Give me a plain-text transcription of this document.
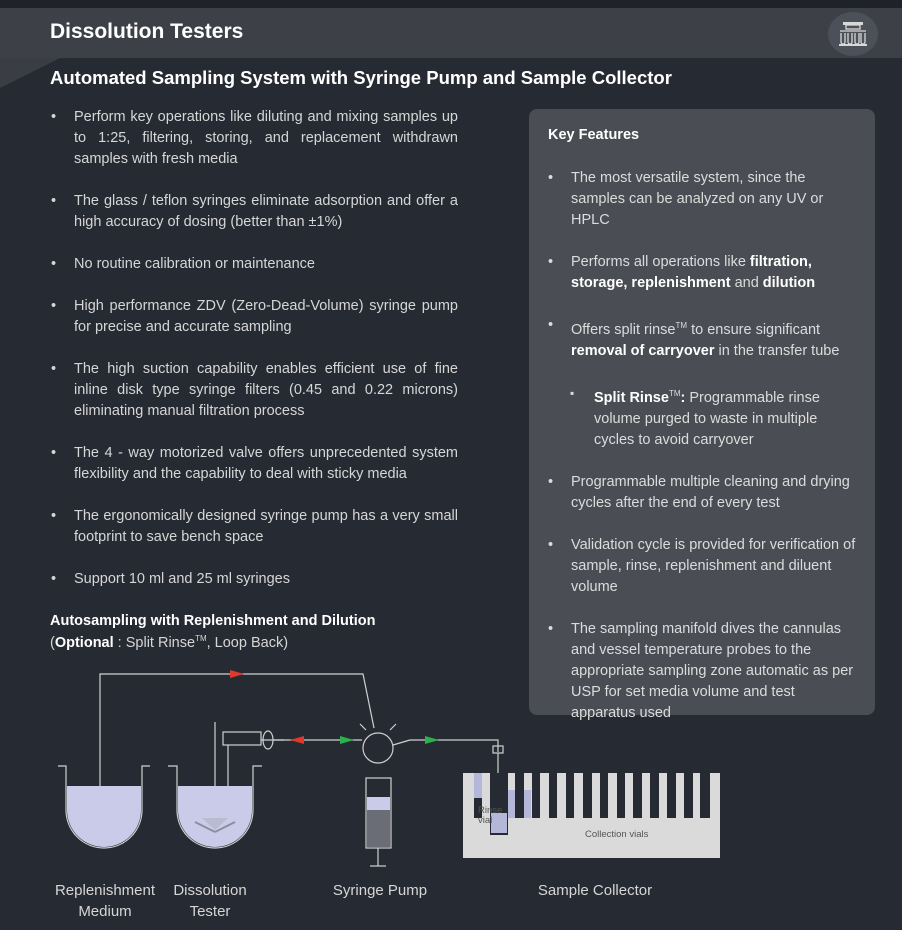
Dissolution Testers
Automated Sampling System with Syringe Pump and Sample Collector
• Perform key operations like diluting and mixing samples up to 1:25, filtering, storing, and replacement withdrawn samples with fresh media
• The glass / teflon syringes eliminate adsorption and offer a high accuracy of dosing (better than ±1%)
• No routine calibration or maintenance
• High performance ZDV (Zero-Dead-Volume) syringe pump for precise and accurate sampling
• The high suction capability enables efficient use of fine inline disk type syringe filters (0.45 and 0.22 microns) eliminating manual filtration process
• The 4 - way motorized valve offers unprecedented system flexibility and the capability to deal with sticky media
• The ergonomically designed syringe pump has a very small footprint to save bench space
• Support 10 ml and 25 ml syringes
Autosampling with Replenishment and Dilution
(Optional : Split Rinse™, Loop Back)
Key Features
• The most versatile system, since the samples can be analyzed on any UV or HPLC
• Performs all operations like filtration, storage, replenishment and dilution
• Offers split rinse™ to ensure significant removal of carryover in the transfer tube
▪ Split Rinse™: Programmable rinse volume purged to waste in multiple cycles to avoid carryover
• Programmable multiple cleaning and drying cycles after the end of every test
• Validation cycle is provided for verification of sample, rinse, replenishment and diluent volume
• The sampling manifold dives the cannulas and vessel temperature probes to the appropriate sampling zone automatic as per USP for set media volume and test apparatus used
Rinse
vial
Collection vials
Replenishment
Medium
Dissolution
Tester
Syringe Pump	Sample Collector
